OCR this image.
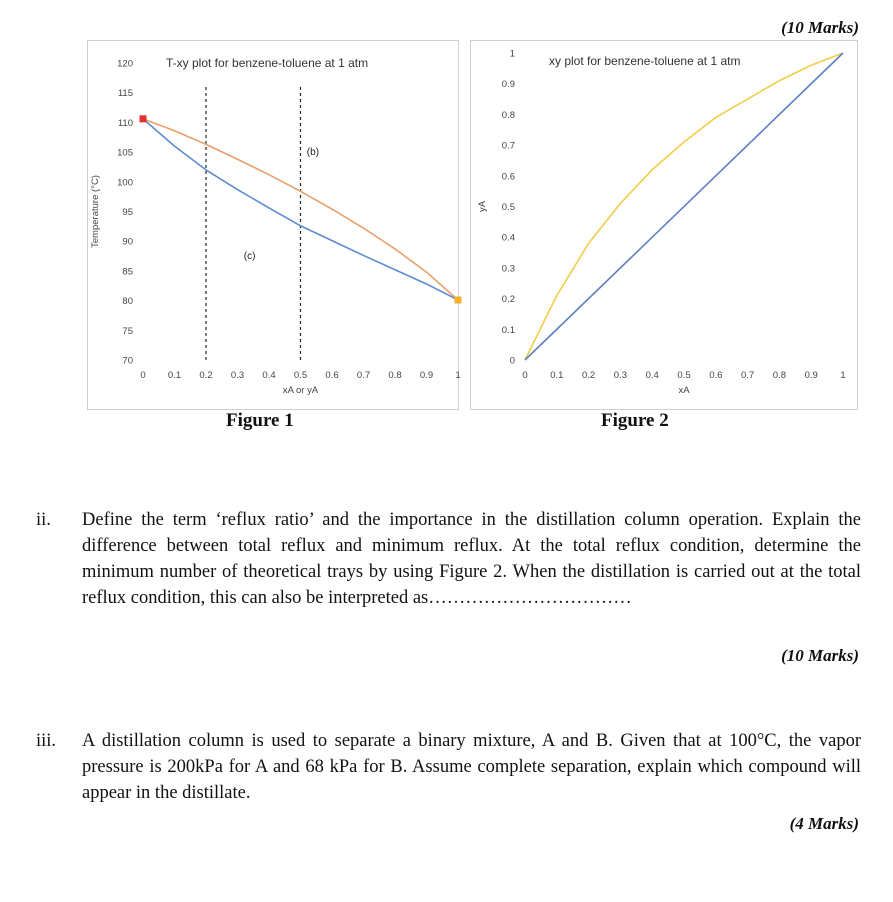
(10 Marks)
T-xy plot for benzene-toluene at 1 atm
0 0.1 0.2 0.3 0.4 0.5 0.6 0.7 0.8 0.9 1
70
75
80
85
90
95
100
105
110
115
120
xA or yA
Temperature (°C)
(b)
(c)
xy plot for benzene-toluene at 1 atm
0 0.1 0.2 0.3 0.4 0.5 0.6 0.7 0.8 0.9 1
0
0.1
0.2
0.3
0.4
0.5
0.6
0.7
0.8
0.9
1
xA
yA
Figure 1	Figure 2
ii. Define the term ‘reflux ratio’ and the importance in the distillation column operation. Explain the difference between total reflux and minimum reflux. At the total reflux condition, determine the minimum number of theoretical trays by using Figure 2. When the distillation is carried out at the total reflux condition, this can also be interpreted as……………………………
(10 Marks)
iii. A distillation column is used to separate a binary mixture, A and B. Given that at 100°C, the vapor pressure is 200kPa for A and 68 kPa for B. Assume complete separation, explain which compound will appear in the distillate.
(4 Marks)
